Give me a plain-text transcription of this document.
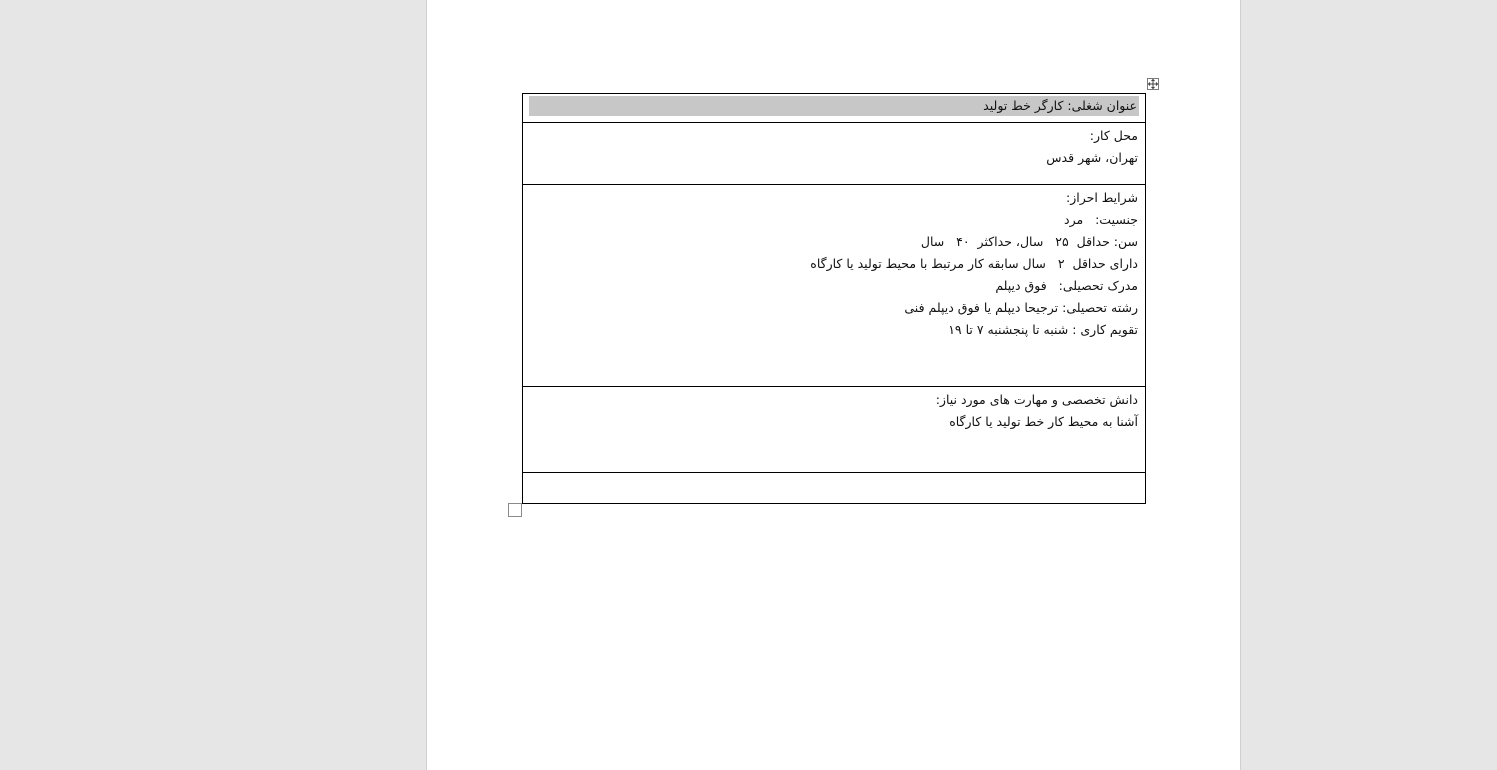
عنوان شغلی: کارگر خط تولید
محل کار:
تهران، شهر قدس
شرایط احراز:
جنسیت:   مرد
سن: حداقل  ۲۵   سال، حداکثر  ۴۰   سال
دارای حداقل  ۲   سال سابقه کار مرتبط با محیط تولید یا کارگاه
مدرک تحصیلی:   فوق دیپلم
رشته تحصیلی: ترجیحا دیپلم یا فوق دیپلم فنی
تقویم کاری : شنبه تا پنجشنبه ۷ تا ۱۹
دانش تخصصی و مهارت های مورد نیاز:
آشنا به محیط کار خط تولید یا کارگاه
